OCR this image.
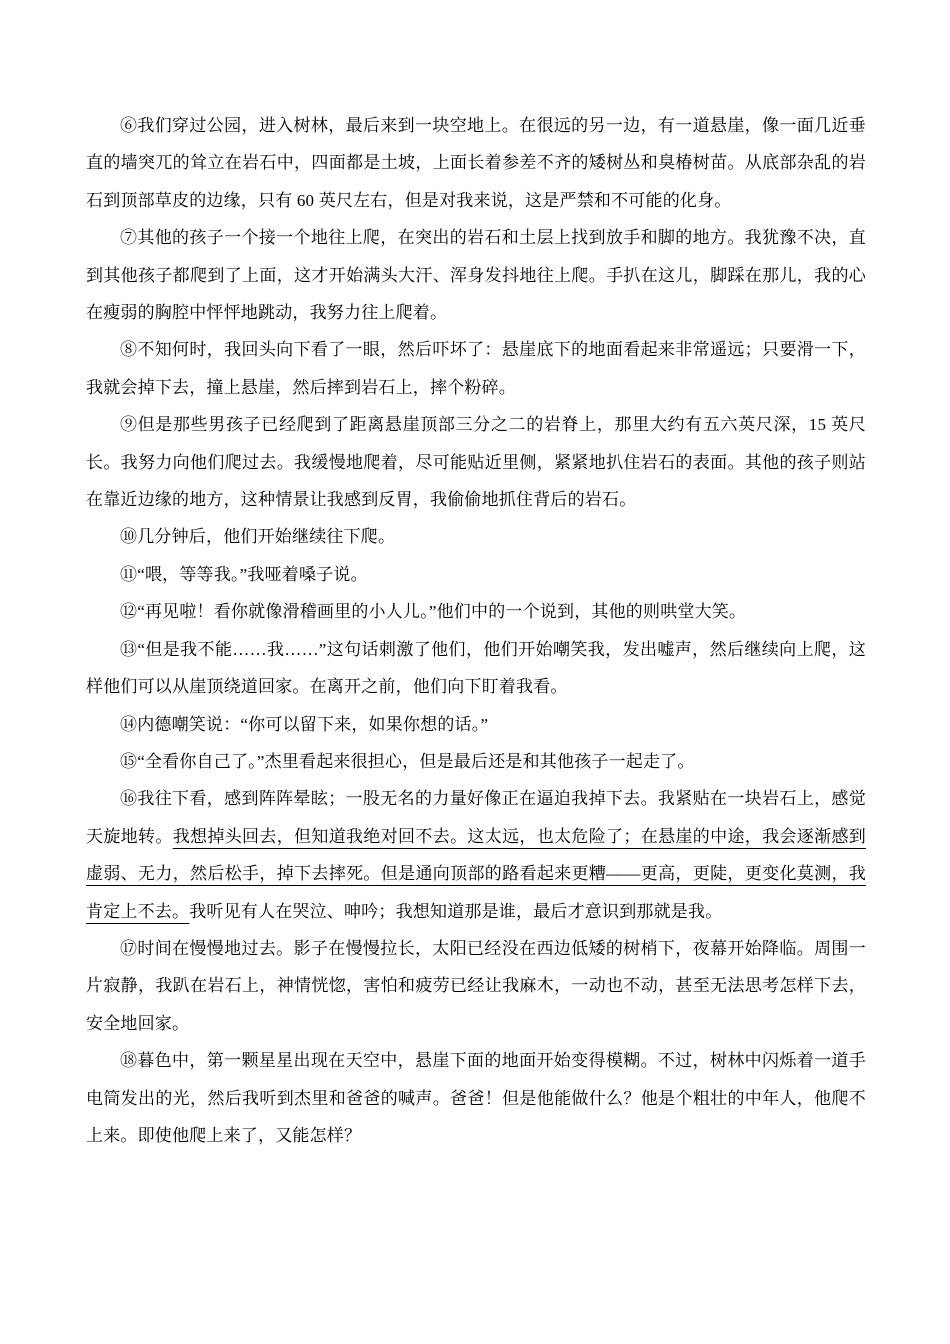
⑥我们穿过公园，进入树林，最后来到一块空地上。在很远的另一边，有一道悬崖，像一面几近垂直的墙突兀的耸立在岩石中，四面都是土坡，上面长着参差不齐的矮树丛和臭椿树苗。从底部杂乱的岩石到顶部草皮的边缘，只有 60 英尺左右，但是对我来说，这是严禁和不可能的化身。

⑦其他的孩子一个接一个地往上爬，在突出的岩石和土层上找到放手和脚的地方。我犹豫不决，直到其他孩子都爬到了上面，这才开始满头大汗、浑身发抖地往上爬。手扒在这儿，脚踩在那儿，我的心在瘦弱的胸腔中怦怦地跳动，我努力往上爬着。

⑧不知何时，我回头向下看了一眼，然后吓坏了：悬崖底下的地面看起来非常遥远；只要滑一下，我就会掉下去，撞上悬崖，然后摔到岩石上，摔个粉碎。

⑨但是那些男孩子已经爬到了距离悬崖顶部三分之二的岩脊上，那里大约有五六英尺深，15 英尺长。我努力向他们爬过去。我缓慢地爬着，尽可能贴近里侧，紧紧地扒住岩石的表面。其他的孩子则站在靠近边缘的地方，这种情景让我感到反胃，我偷偷地抓住背后的岩石。

⑩几分钟后，他们开始继续往下爬。

⑪“喂，等等我。”我哑着嗓子说。

⑫“再见啦！看你就像滑稽画里的小人儿。”他们中的一个说到，其他的则哄堂大笑。

⑬“但是我不能……我……”这句话刺激了他们，他们开始嘲笑我，发出嘘声，然后继续向上爬，这样他们可以从崖顶绕道回家。在离开之前，他们向下盯着我看。

⑭内德嘲笑说：“你可以留下来，如果你想的话。”

⑮“全看你自己了。”杰里看起来很担心，但是最后还是和其他孩子一起走了。

⑯我往下看，感到阵阵晕眩；一股无名的力量好像正在逼迫我掉下去。我紧贴在一块岩石上，感觉天旋地转。我想掉头回去，但知道我绝对回不去。这太远，也太危险了；在悬崖的中途，我会逐渐感到虚弱、无力，然后松手，掉下去摔死。但是通向顶部的路看起来更糟——更高，更陡，更变化莫测，我肯定上不去。我听见有人在哭泣、呻吟；我想知道那是谁，最后才意识到那就是我。

⑰时间在慢慢地过去。影子在慢慢拉长，太阳已经没在西边低矮的树梢下，夜幕开始降临。周围一片寂静，我趴在岩石上，神情恍惚，害怕和疲劳已经让我麻木，一动也不动，甚至无法思考怎样下去，安全地回家。

⑱暮色中，第一颗星星出现在天空中，悬崖下面的地面开始变得模糊。不过，树林中闪烁着一道手电筒发出的光，然后我听到杰里和爸爸的喊声。爸爸！但是他能做什么？他是个粗壮的中年人，他爬不上来。即使他爬上来了，又能怎样？
